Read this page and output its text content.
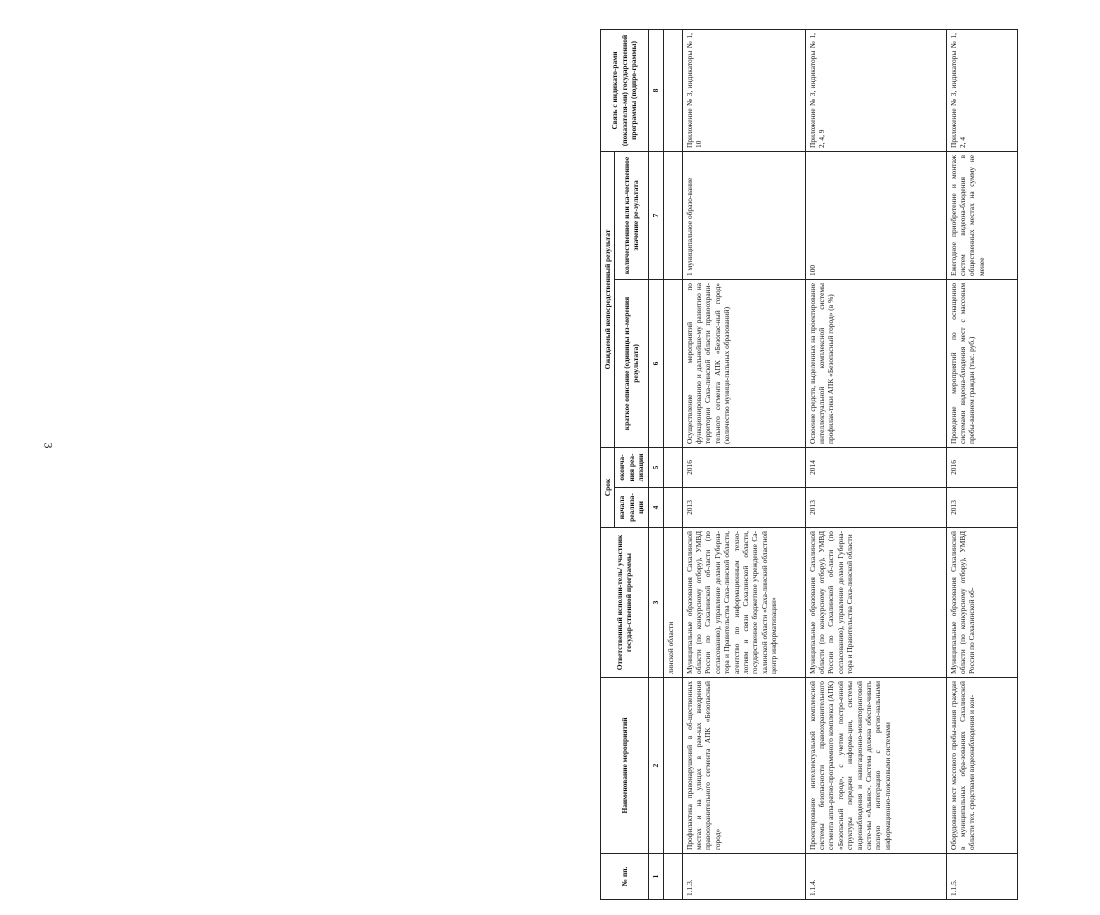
3
№ пп.	Наименование мероприятий	Ответственный исполни-тель/ участник государ-ственной программы	Срок		Ожидаемый непосредственный результат		Связь с индикато-рами (показателя-ми) государственной программы (подпро-граммы)
			начала реализа-ции	оконча-ния реа-лизации	краткое описание (единицы из-мерения результата)	количественное или ка-чественное значение ре-зультата	
1	2	3	4	5	6	7	8
		линской области					
1.1.3.	Профилактика правонарушений в об-щественных местах и на улицах в рам-ках внедрения правоохранительного сегмента АПК «Безопасный город»	Муниципальные образования Сахалинской области (по конкурсному отбору), УМВД России по Сахалинской об-ласти (по согласованию), управление делами Губерна-тора и Правительства Саха-линской области, агентство по информационным техно-логиям и связи Сахалинской области, государственное бюджетное учреждение Са-халинской области «Саха-линский областной центр информатизации»	2013	2016	Осуществление мероприятий по функционированию и дальнейше-му развитию на территории Саха-линской области правоохрани-тельного сегмента АПК «Безопас-ный город» (количество муници-пальных образований)	1 муниципальное образо-вание	Приложение № 3, индикаторы № 1, 10
1.1.4.	Проектирование интеллектуальной комплексной системы безопасности правоохранительного сегмента аппа-ратно-программного комплекса (АПК) «Безопасный город», с учетом постро-енной структуры передачи информа-ции, системы видеонаблюдения и навигационно-мониторинговой систе-мы «Альянс». Система должна обеспе-чивать полную интеграцию с регио-нальными информационно-поисковыми системами	Муниципальные образования Сахалинской области (по конкурсному отбору), УМВД России по Сахалинской об-ласти (по согласованию), управление делами Губерна-тора и Правительства Саха-линской области	2013	2014	Освоение средств, выделенных на проектирование интеллектуальной комплексной системы профилак-тики АПК «Безопасный город» (в %)	100	Приложение № 3, индикаторы № 1, 2, 4, 9
1.1.5.	Оборудование мест массового пребы-вания граждан в муниципальных обра-зованиях Сахалинской области тех. средствами видеонаблюдения и кон-	Муниципальные образования Сахалинской области (по конкурсному отбору), УМВД России по Сахалинской об-	2013	2016	Проведение мероприятий по оснащению системами видеона-блюдения мест с массовым пребы-ванием граждан (тыс. руб.)	Ежегодное приобретение и монтаж систем видеона-блюдения в общественных местах на сумму не менее	Приложение № 3, индикаторы № 1, 2, 4
